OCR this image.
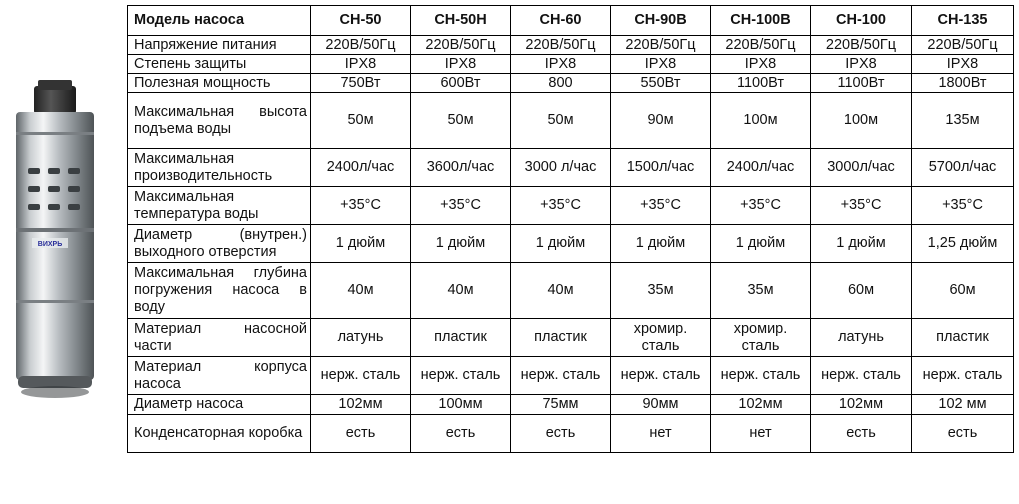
ВИХРЬ
Модель насоса	СН-50	СН-50Н	СН-60	СН-90В	СН-100В	СН-100	СН-135
Напряжение питания	220В/50Гц	220В/50Гц	220В/50Гц	220В/50Гц	220В/50Гц	220В/50Гц	220В/50Гц
Степень защиты	IPX8	IPX8	IPX8	IPX8	IPX8	IPX8	IPX8
Полезная мощность	750Вт	600Вт	800	550Вт	1100Вт	1100Вт	1800Вт
Максимальная высота подъема воды	50м	50м	50м	90м	100м	100м	135м
Максимальная производительность	2400л/час	3600л/час	3000 л/час	1500л/час	2400л/час	3000л/час	5700л/час
Максимальная температура воды	+35°С	+35°С	+35°С	+35°С	+35°С	+35°С	+35°С
Диаметр (внутрен.) выходного отверстия	1 дюйм	1 дюйм	1 дюйм	1 дюйм	1 дюйм	1 дюйм	1,25 дюйм
Максимальная глубина погружения насоса в воду	40м	40м	40м	35м	35м	60м	60м
Материал насосной части	латунь	пластик	пластик	хромир. сталь	хромир. сталь	латунь	пластик
Материал корпуса насоса	нерж. сталь	нерж. сталь	нерж. сталь	нерж. сталь	нерж. сталь	нерж. сталь	нерж. сталь
Диаметр насоса	102мм	100мм	75мм	90мм	102мм	102мм	102 мм
Конденсаторная коробка	есть	есть	есть	нет	нет	есть	есть
